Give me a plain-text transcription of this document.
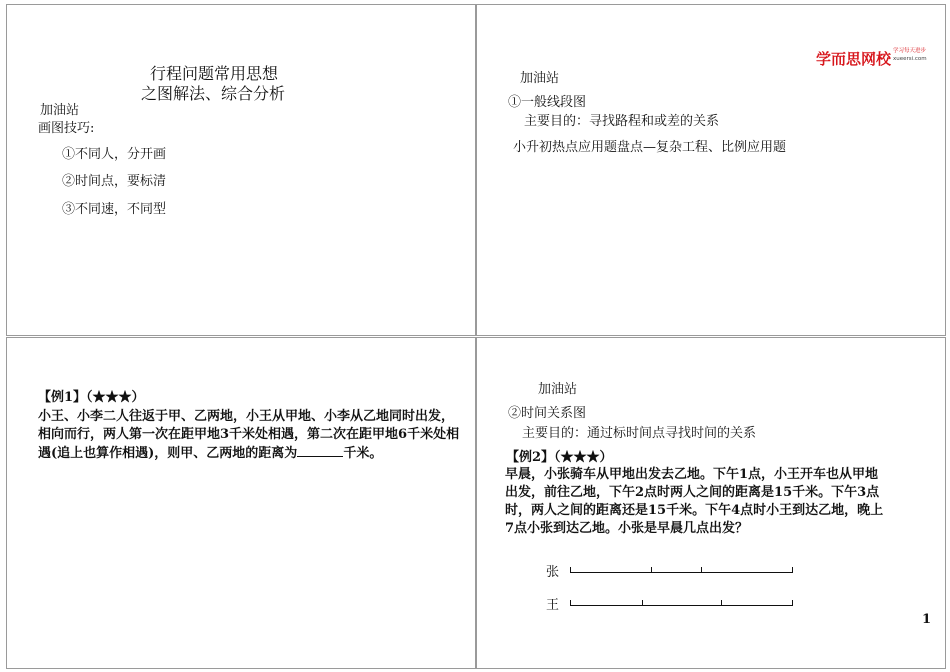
行程问题常用思想
之图解法、综合分析
加油站
画图技巧:
①不同人，分开画
②时间点，要标清
③不同速，不同型
学而思网校 学习每天进步
xueersi.com
加油站
①一般线段图
主要目的：寻找路程和或差的关系
小升初热点应用题盘点—复杂工程、比例应用题
【例1】（★★★）

小王、小李二人往返于甲、乙两地，小王从甲地、小李从乙地同时出发，

相向而行，两人第一次在距甲地3千米处相遇，第二次在距甲地6千米处相

遇(追上也算作相遇)，则甲、乙两地的距离为	千米。

加油站
②时间关系图
主要目的：通过标时间点寻找时间的关系
【例2】（★★★）

早晨，小张骑车从甲地出发去乙地。下午1点，小王开车也从甲地

出发，前往乙地，下午2点时两人之间的距离是15千米。下午3点

时，两人之间的距离还是15千米。下午4点时小王到达乙地，晚上

7点小张到达乙地。小张是早晨几点出发？

张
王
1
